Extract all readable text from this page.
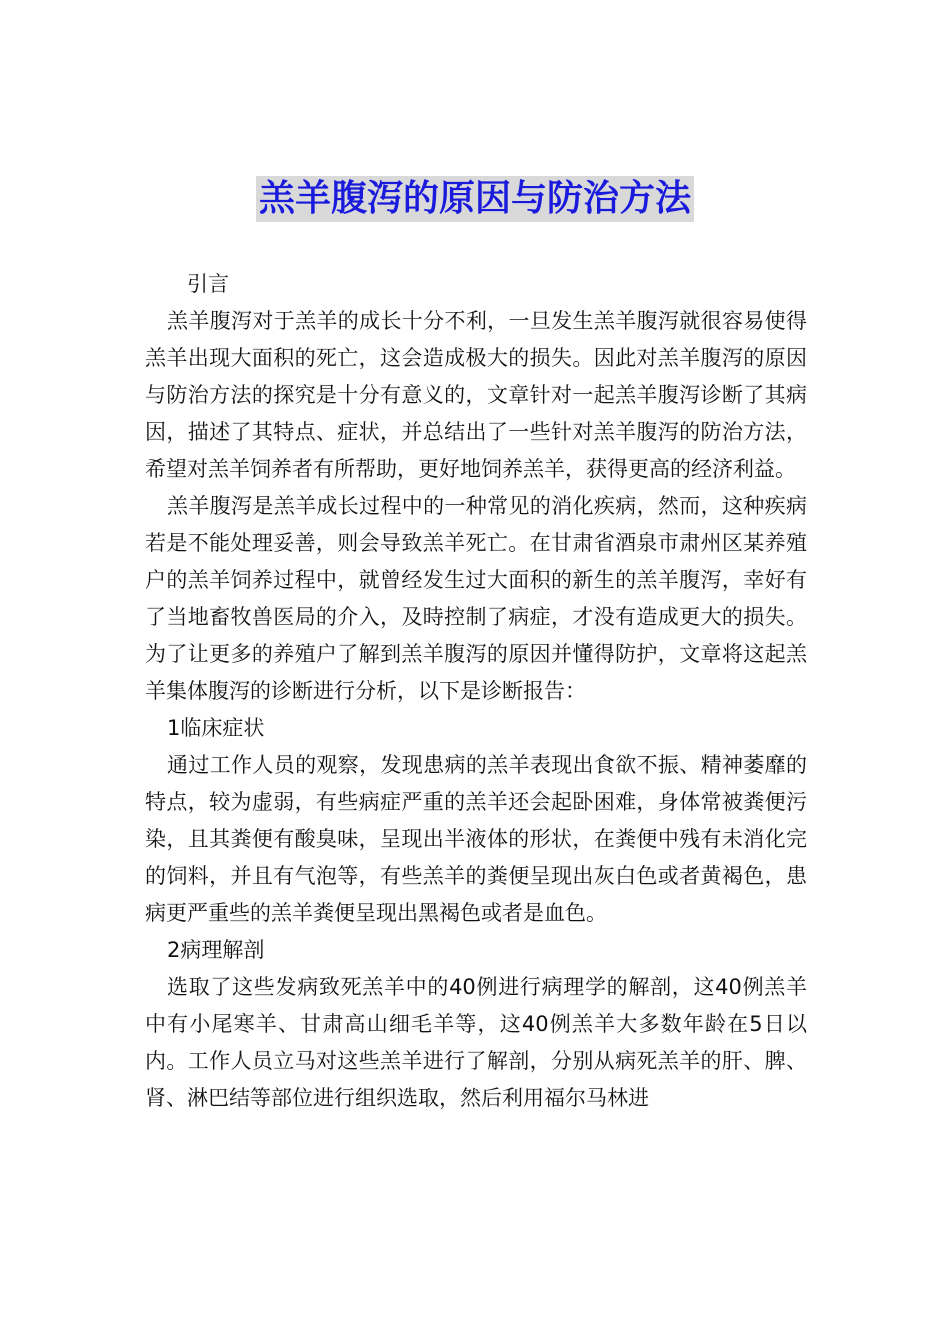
羔羊腹泻的原因与防治方法

引言

羔羊腹泻对于羔羊的成长十分不利，一旦发生羔羊腹泻就很容易使得羔羊出现大面积的死亡，这会造成极大的损失。因此对羔羊腹泻的原因与防治方法的探究是十分有意义的，文章针对一起羔羊腹泻诊断了其病因，描述了其特点、症状，并总结出了一些针对羔羊腹泻的防治方法，希望对羔羊饲养者有所帮助，更好地饲养羔羊，获得更高的经济利益。

羔羊腹泻是羔羊成长过程中的一种常见的消化疾病，然而，这种疾病若是不能处理妥善，则会导致羔羊死亡。在甘肃省酒泉市肃州区某养殖户的羔羊饲养过程中，就曾经发生过大面积的新生的羔羊腹泻，幸好有了当地畜牧兽医局的介入，及時控制了病症，才没有造成更大的损失。为了让更多的养殖户了解到羔羊腹泻的原因并懂得防护，文章将这起羔羊集体腹泻的诊断进行分析，以下是诊断报告：

1临床症状

通过工作人员的观察，发现患病的羔羊表现出食欲不振、精神萎靡的特点，较为虚弱，有些病症严重的羔羊还会起卧困难，身体常被粪便污染，且其粪便有酸臭味，呈现出半液体的形状，在粪便中残有未消化完的饲料，并且有气泡等，有些羔羊的粪便呈现出灰白色或者黄褐色，患病更严重些的羔羊粪便呈现出黑褐色或者是血色。

2病理解剖

选取了这些发病致死羔羊中的40例进行病理学的解剖，这40例羔羊中有小尾寒羊、甘肃高山细毛羊等，这40例羔羊大多数年龄在5日以内。工作人员立马对这些羔羊进行了解剖，分别从病死羔羊的肝、脾、肾、淋巴结等部位进行组织选取，然后利用福尔马林进
